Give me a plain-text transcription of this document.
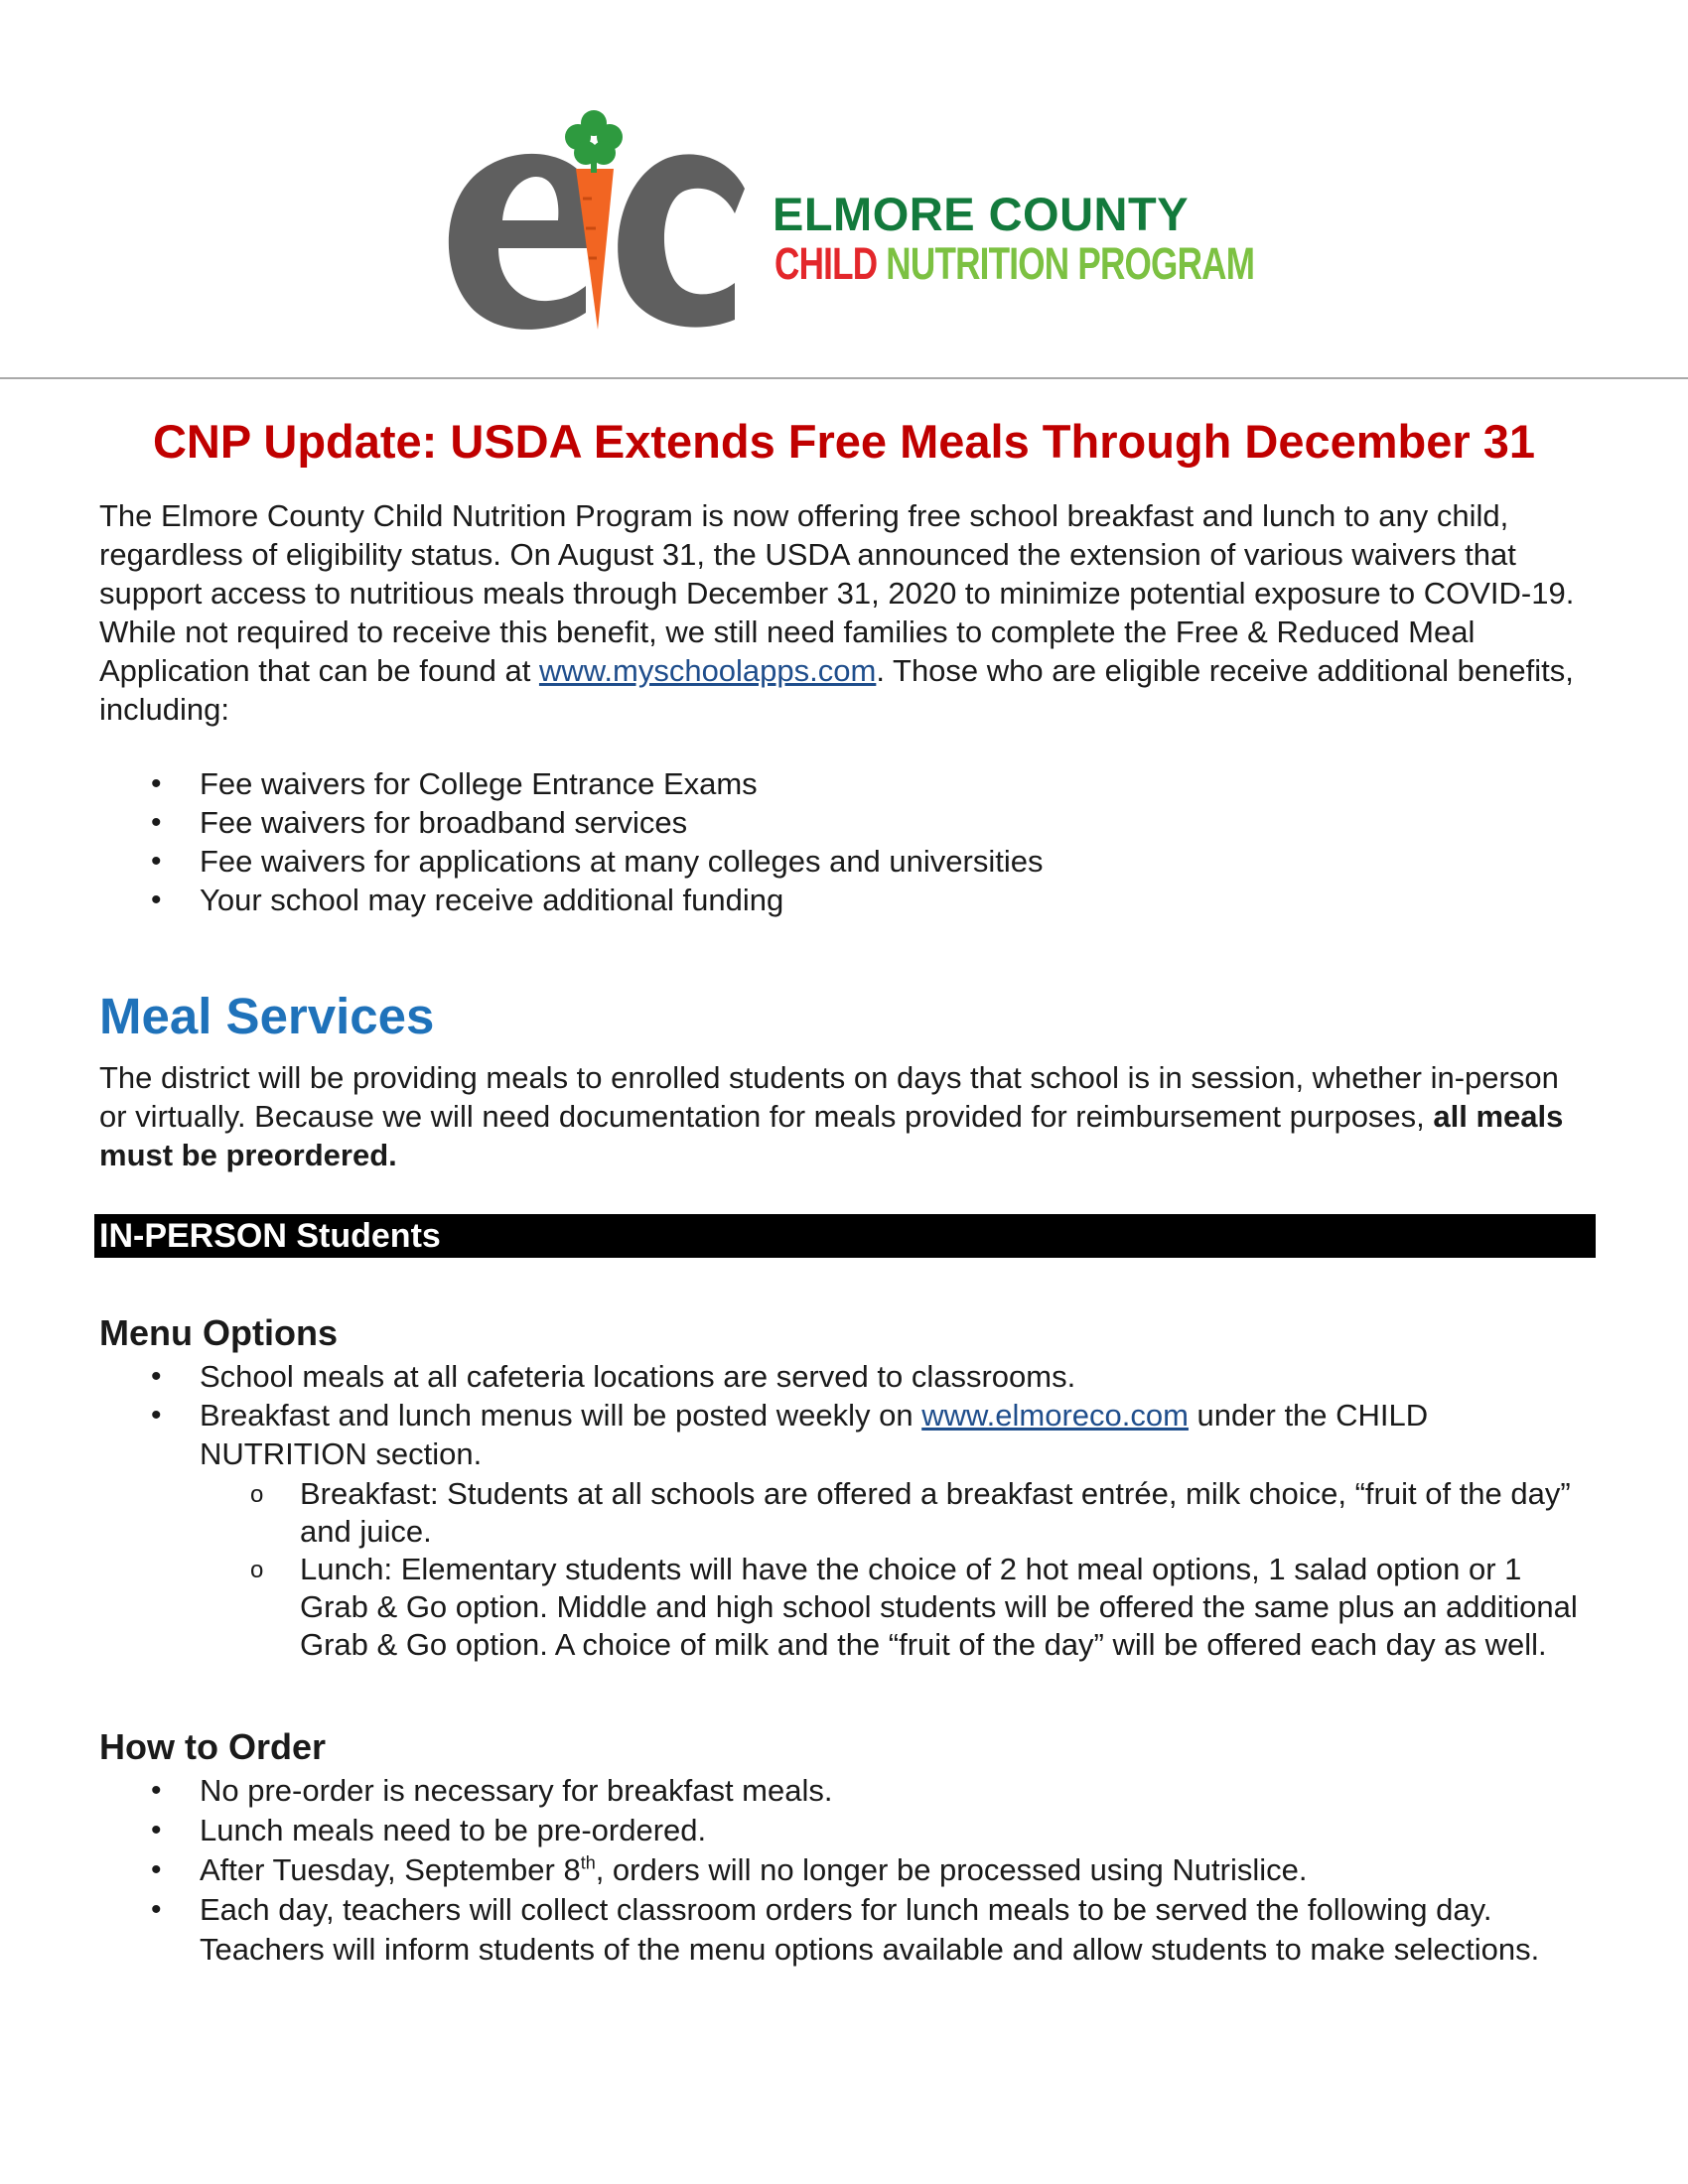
ELMORE COUNTY
CHILD NUTRITION PROGRAM
CNP Update: USDA Extends Free Meals Through December 31

The Elmore County Child Nutrition Program is now offering free school breakfast and lunch to any child, regardless of eligibility status. On August 31, the USDA announced the extension of various waivers that support access to nutritious meals through December 31, 2020 to minimize potential exposure to COVID-19. While not required to receive this benefit, we still need families to complete the Free & Reduced Meal Application that can be found at www.myschoolapps.com. Those who are eligible receive additional benefits, including:

• Fee waivers for College Entrance Exams
• Fee waivers for broadband services
• Fee waivers for applications at many colleges and universities
• Your school may receive additional funding
Meal Services

The district will be providing meals to enrolled students on days that school is in session, whether in-person or virtually. Because we will need documentation for meals provided for reimbursement purposes, all meals must be preordered.

IN-PERSON Students
Menu Options
• School meals at all cafeteria locations are served to classrooms.
• Breakfast and lunch menus will be posted weekly on www.elmoreco.com under the CHILD NUTRITION section.
o Breakfast: Students at all schools are offered a breakfast entrée, milk choice, “fruit of the day” and juice.
o Lunch: Elementary students will have the choice of 2 hot meal options, 1 salad option or 1 Grab & Go option. Middle and high school students will be offered the same plus an additional Grab & Go option. A choice of milk and the “fruit of the day” will be offered each day as well.
How to Order
• No pre-order is necessary for breakfast meals.
• Lunch meals need to be pre-ordered.
• After Tuesday, September 8th, orders will no longer be processed using Nutrislice.
• Each day, teachers will collect classroom orders for lunch meals to be served the following day. Teachers will inform students of the menu options available and allow students to make selections.
